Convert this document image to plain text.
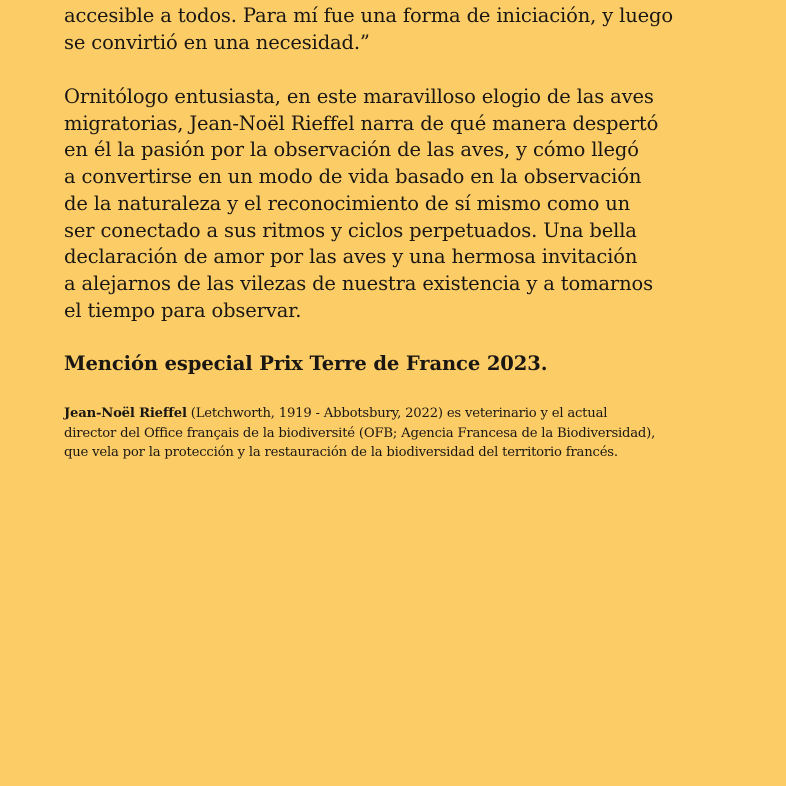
accesible a todos. Para mí fue una forma de iniciación, y luego
se convirtió en una necesidad.”

Ornitólogo entusiasta, en este maravilloso elogio de las aves
migratorias, Jean-Noël Rieffel narra de qué manera despertó
en él la pasión por la observación de las aves, y cómo llegó
a convertirse en un modo de vida basado en la observación
de la naturaleza y el reconocimiento de sí mismo como un
ser conectado a sus ritmos y ciclos perpetuados. Una bella
declaración de amor por las aves y una hermosa invitación
a alejarnos de las vilezas de nuestra existencia y a tomarnos
el tiempo para observar.

Mención especial Prix Terre de France 2023.

Jean-Noël Rieffel (Letchworth, 1919 - Abbotsbury, 2022) es veterinario y el actual
director del Office français de la biodiversité (OFB; Agencia Francesa de la Biodiversidad),
que vela por la protección y la restauración de la biodiversidad del territorio francés.
